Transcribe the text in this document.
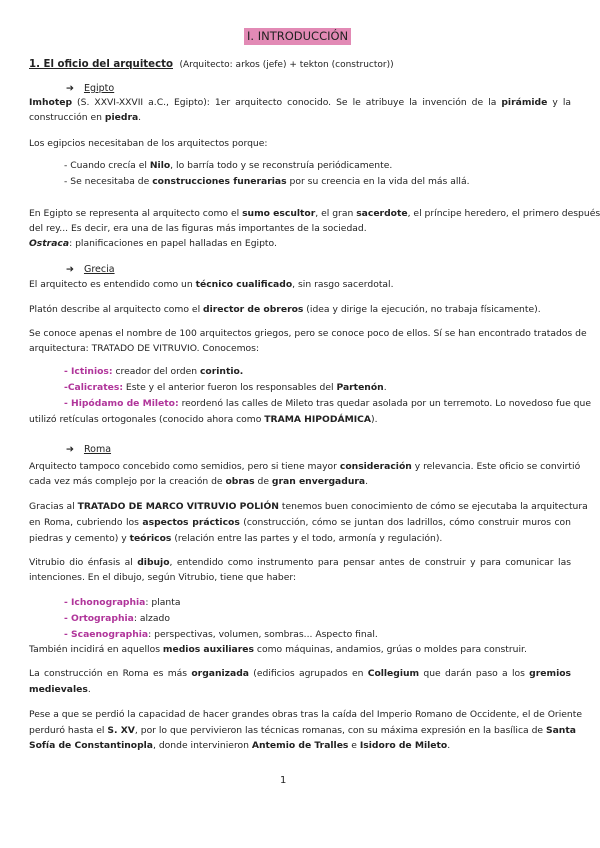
I. INTRODUCCIÓN
1. El oficio del arquitecto (Arquitecto: arkos (jefe) + tekton (constructor))
➔ Egipto
Imhotep (S. XXVI-XXVII a.C., Egipto): 1er arquitecto conocido. Se le atribuye la invención de la pirámide y la
construcción en piedra.
Los egipcios necesitaban de los arquitectos porque:
- Cuando crecía el Nilo, lo barría todo y se reconstruía periódicamente.
- Se necesitaba de construcciones funerarias por su creencia en la vida del más allá.
En Egipto se representa al arquitecto como el sumo escultor, el gran sacerdote, el príncipe heredero, el primero después
del rey... Es decir, era una de las figuras más importantes de la sociedad.
Ostraca: planificaciones en papel halladas en Egipto.
➔ Grecia
El arquitecto es entendido como un técnico cualificado, sin rasgo sacerdotal.
Platón describe al arquitecto como el director de obreros (idea y dirige la ejecución, no trabaja físicamente).
Se conoce apenas el nombre de 100 arquitectos griegos, pero se conoce poco de ellos. Sí se han encontrado tratados de
arquitectura: TRATADO DE VITRUVIO. Conocemos:
- Ictinios: creador del orden corintio.
-Calicrates: Este y el anterior fueron los responsables del Partenón.
- Hipódamo de Mileto: reordenó las calles de Mileto tras quedar asolada por un terremoto. Lo novedoso fue que
utilizó retículas ortogonales (conocido ahora como TRAMA HIPODÁMICA).
➔ Roma
Arquitecto tampoco concebido como semidios, pero si tiene mayor consideración y relevancia. Este oficio se convirtió
cada vez más complejo por la creación de obras de gran envergadura.
Gracias al TRATADO DE MARCO VITRUVIO POLIÓN tenemos buen conocimiento de cómo se ejecutaba la arquitectura
en Roma, cubriendo los aspectos prácticos (construcción, cómo se juntan dos ladrillos, cómo construir muros con
piedras y cemento) y teóricos (relación entre las partes y el todo, armonía y regulación).
Vitrubio dio énfasis al dibujo, entendido como instrumento para pensar antes de construir y para comunicar las
intenciones. En el dibujo, según Vitrubio, tiene que haber:
- Ichonographia: planta
- Ortographia: alzado
- Scaenographia: perspectivas, volumen, sombras... Aspecto final.
También incidirá en aquellos medios auxiliares como máquinas, andamios, grúas o moldes para construir.
La construcción en Roma es más organizada (edificios agrupados en Collegium que darán paso a los gremios
medievales.
Pese a que se perdió la capacidad de hacer grandes obras tras la caída del Imperio Romano de Occidente, el de Oriente
perduró hasta el S. XV, por lo que pervivieron las técnicas romanas, con su máxima expresión en la basílica de Santa
Sofía de Constantinopla, donde intervinieron Antemio de Tralles e Isidoro de Mileto.
1
